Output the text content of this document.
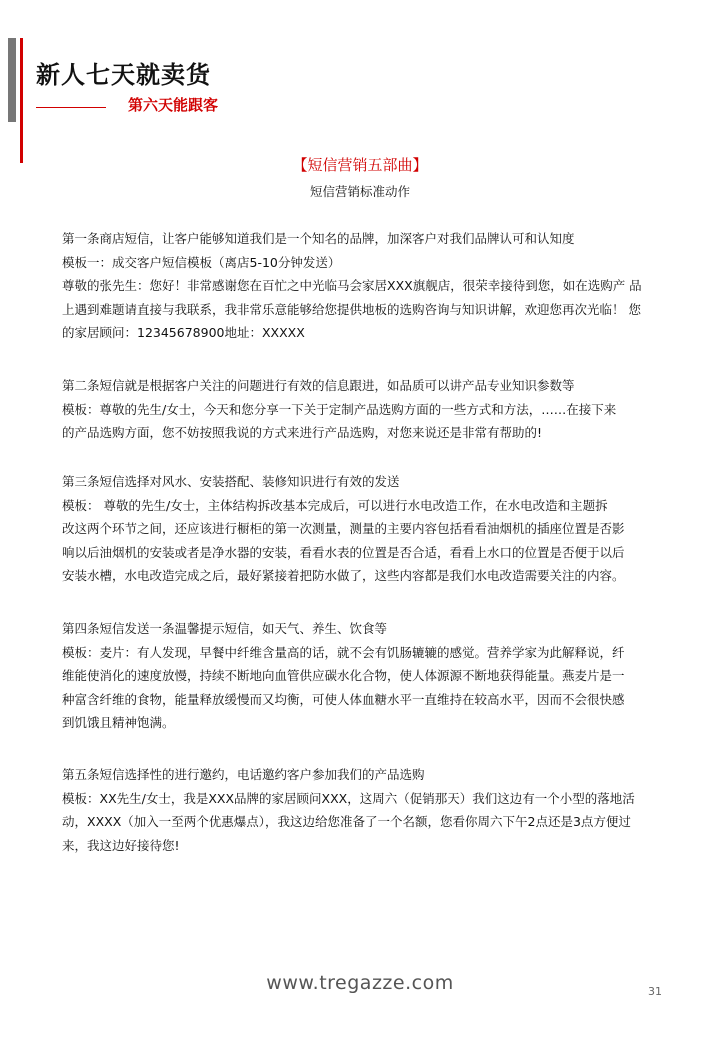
新人七天就卖货
第六天能跟客
【短信营销五部曲】
短信营销标准动作
第一条商店短信，让客户能够知道我们是一个知名的品牌，加深客户对我们品牌认可和认知度
模板一：成交客户短信模板（离店5-10分钟发送）
尊敬的张先生：您好！非常感谢您在百忙之中光临马会家居XXX旗舰店，很荣幸接待到您，如在选购产 品
上遇到难题请直接与我联系，我非常乐意能够给您提供地板的选购咨询与知识讲解，欢迎您再次光临！ 您
的家居顾问：12345678900地址：XXXXX
第二条短信就是根据客户关注的问题进行有效的信息跟进，如品质可以讲产品专业知识参数等
模板：尊敬的先生/女士，今天和您分享一下关于定制产品选购方面的一些方式和方法，……在接下来
的产品选购方面，您不妨按照我说的方式来进行产品选购，对您来说还是非常有帮助的!
第三条短信选择对风水、安装搭配、装修知识进行有效的发送
模板： 尊敬的先生/女士，主体结构拆改基本完成后，可以进行水电改造工作，在水电改造和主题拆
改这两个环节之间，还应该进行橱柜的第一次测量，测量的主要内容包括看看油烟机的插座位置是否影
响以后油烟机的安装或者是净水器的安装，看看水表的位置是否合适，看看上水口的位置是否便于以后
安装水槽，水电改造完成之后，最好紧接着把防水做了，这些内容都是我们水电改造需要关注的内容。
第四条短信发送一条温馨提示短信，如天气、养生、饮食等
模板：麦片：有人发现，早餐中纤维含量高的话，就不会有饥肠辘辘的感觉。营养学家为此解释说，纤
维能使消化的速度放慢，持续不断地向血管供应碳水化合物，使人体源源不断地获得能量。燕麦片是一
种富含纤维的食物，能量释放缓慢而又均衡，可使人体血糖水平一直维持在较高水平，因而不会很快感
到饥饿且精神饱满。
第五条短信选择性的进行邀约，电话邀约客户参加我们的产品选购
模板：XX先生/女士，我是XXX品牌的家居顾问XXX，这周六（促销那天）我们这边有一个小型的落地活
动，XXXX（加入一至两个优惠爆点），我这边给您准备了一个名额，您看你周六下午2点还是3点方便过
来，我这边好接待您!
www.tregazze.com	31
